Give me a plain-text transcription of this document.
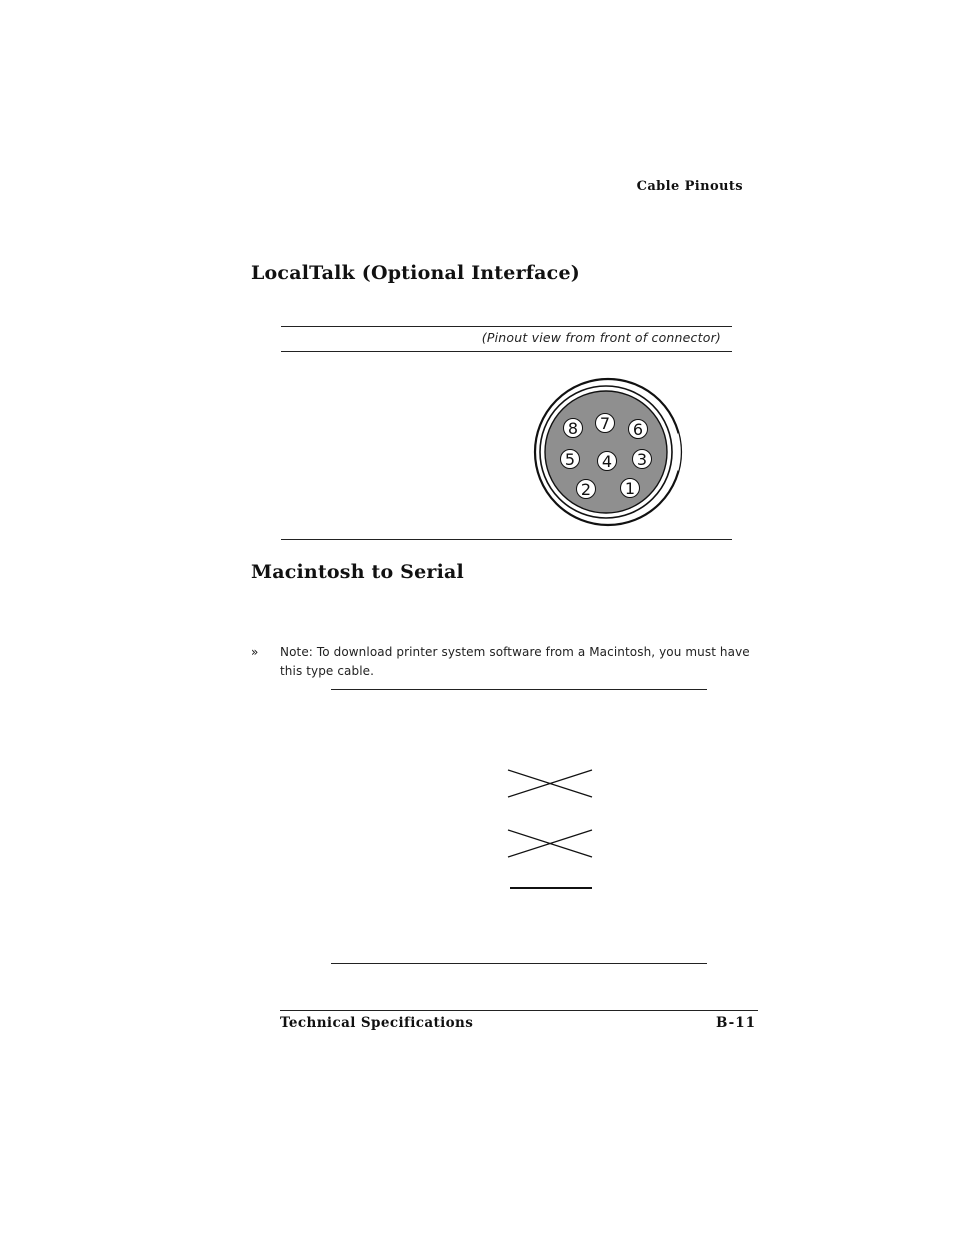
Cable Pinouts
LocalTalk (Optional Interface)
(Pinout view from front of connector)
8 7 6
5 4 3
2 1
Macintosh to Serial
» Note: To download printer system software from a Macintosh, you must have this type cable.
Technical Specifications	B-11
